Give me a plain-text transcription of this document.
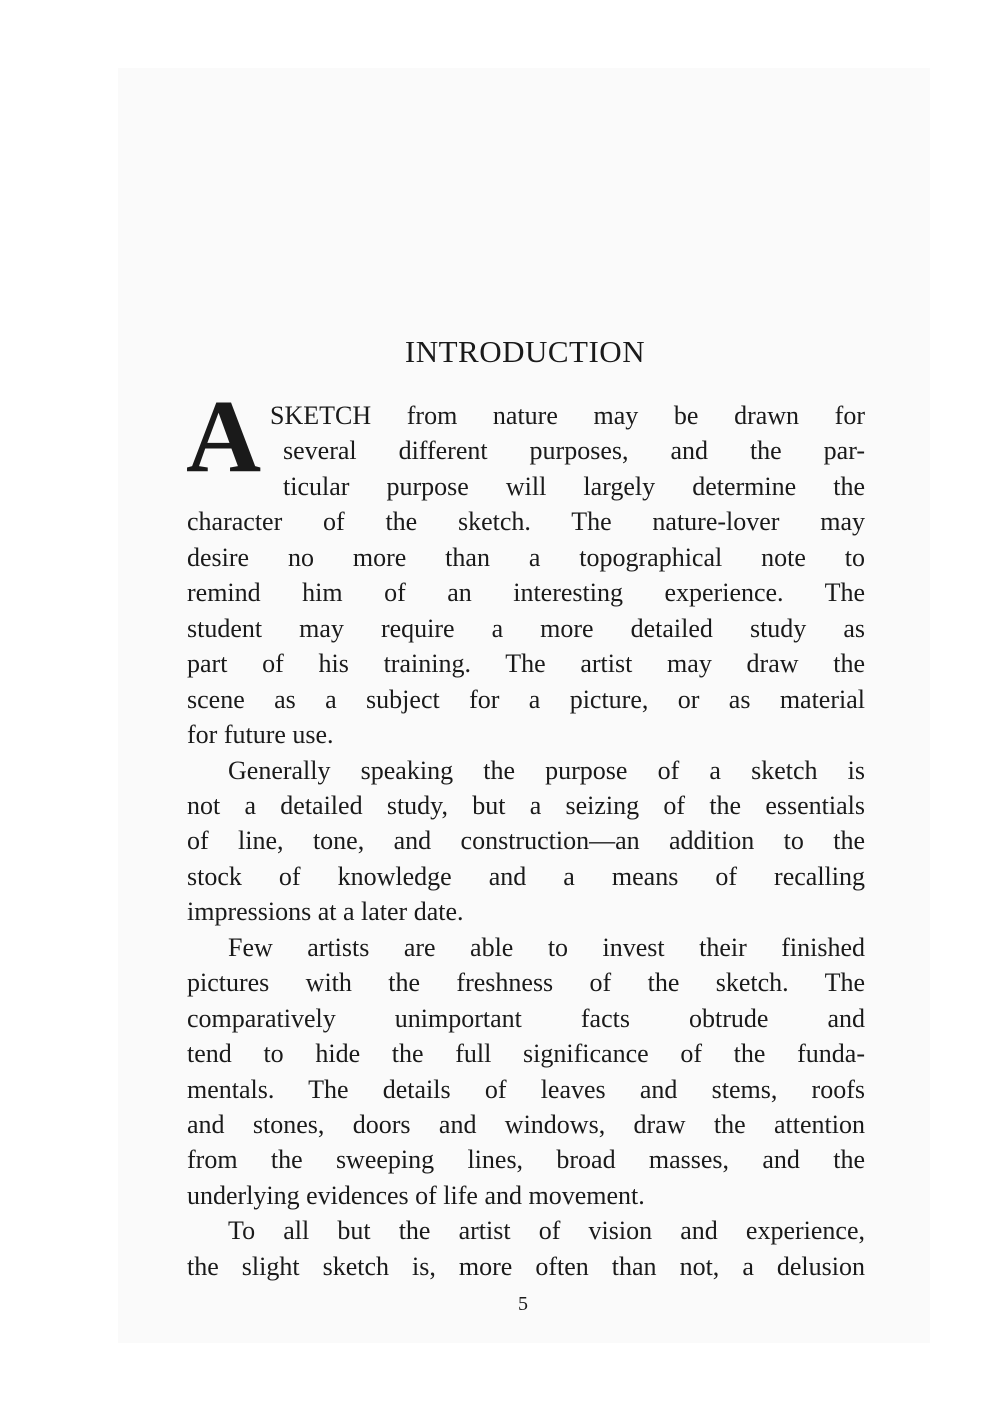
INTRODUCTION
A SKETCH from nature may be drawn for
several different purposes, and the par-
ticular purpose will largely determine the
character of the sketch. The nature-lover may
desire no more than a topographical note to
remind him of an interesting experience. The
student may require a more detailed study as
part of his training. The artist may draw the
scene as a subject for a picture, or as material
for future use.
Generally speaking the purpose of a sketch is
not a detailed study, but a seizing of the essentials
of line, tone, and construction—an addition to the
stock of knowledge and a means of recalling
impressions at a later date.
Few artists are able to invest their finished
pictures with the freshness of the sketch. The
comparatively unimportant facts obtrude and
tend to hide the full significance of the funda-
mentals. The details of leaves and stems, roofs
and stones, doors and windows, draw the attention
from the sweeping lines, broad masses, and the
underlying evidences of life and movement.
To all but the artist of vision and experience,
the slight sketch is, more often than not, a delusion
5
